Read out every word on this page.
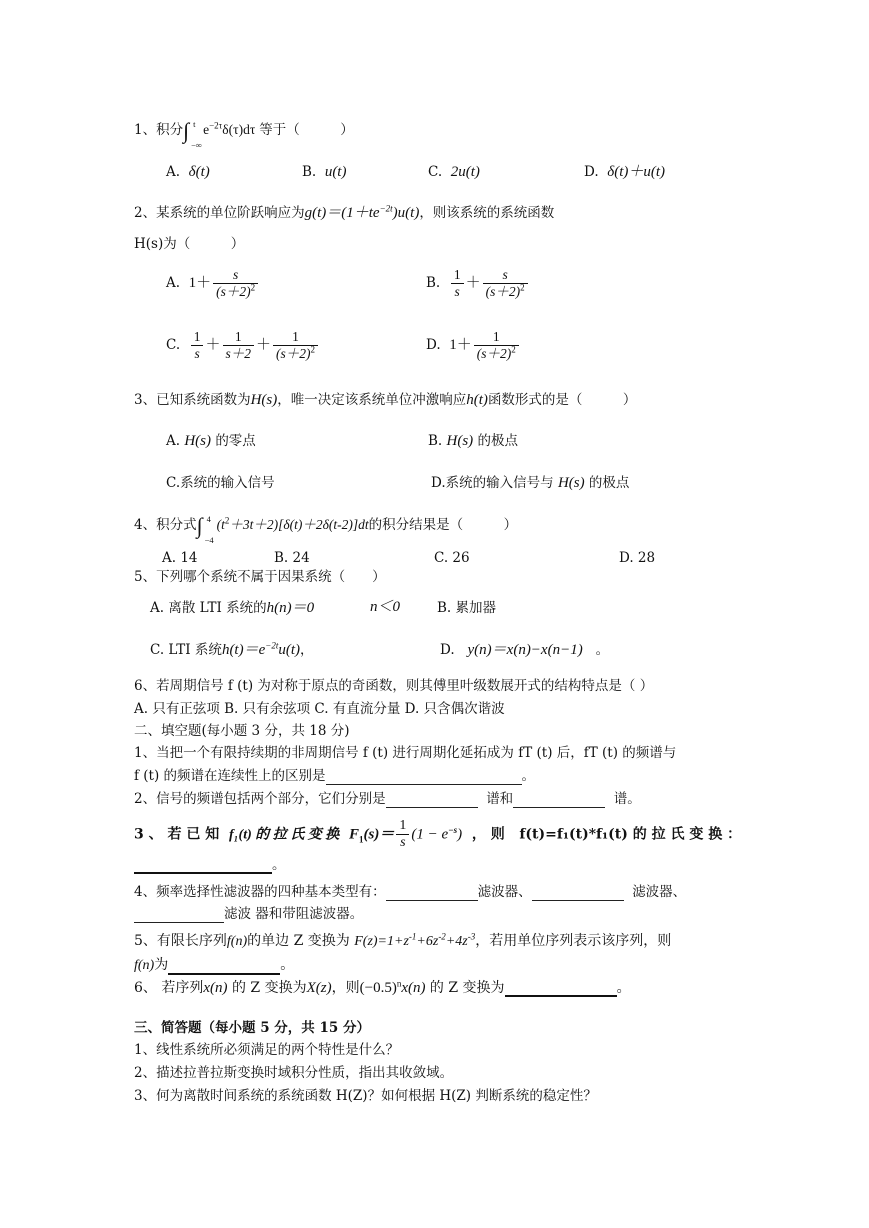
1、积分∫ t
−∞
$e^{-2\tau}\delta(\tau)d\tau$ 等于（　　　）
A. δ(t)	B. u(t)	C. 2u(t)	D. δ(t)＋u(t)
2、某系统的单位阶跃响应为$g(t)=(1+te^{-2t})u(t)$，则该系统的系统函数
H(s)为（　　　）
A. $1+ \frac{s}{(s+2)^2}$	B. $\frac{1}{s} + \frac{s}{(s+2)^2}$
C. $\frac{1}{s} + \frac{1}{s+2} + \frac{1}{(s+2)^2}$	D. $1+ \frac{1}{(s+2)^2}$
3、已知系统函数为H(s)，唯一决定该系统单位冲激响应h(t)函数形式的是（　　　）
A. H(s) 的零点	B. H(s) 的极点
C.系统的输入信号	D.系统的输入信号与 H(s) 的极点
4、积分式∫ 4
−4
$(t^2+3t+2)[\delta(t)+2\delta(t-2)]dt$的积分结果是（　　　）
A. 14	B. 24	C. 26	D. 28
5、下列哪个系统不属于因果系统（　　）
A. 离散 LTI 系统的h(n)＝0	n＜0	B. 累加器
C. LTI 系统$h(t)=e^{-2t}u(t)$，	D. y(n)＝x(n)−x(n−1) 。
6、若周期信号 f (t) 为对称于原点的奇函数，则其傅里叶级数展开式的结构特点是（ ）
A. 只有正弦项 B. 只有余弦项 C. 有直流分量 D. 只含偶次谐波
二、填空题(每小题 3 分，共 18 分)
1、当把一个有限持续期的非周期信号 f (t) 进行周期化延拓成为 fT (t) 后，fT (t) 的频谱与
f (t) 的频谱在连续性上的区别是	。
2、信号的频谱包括两个部分，它们分别是	谱和	谱。
3 、 若 已 知 f₁(t) 的 拉 氏 变 换 $F_1(s)= \frac{1}{s} (1 - e^{-s})$ ， 则 f(t)=f₁(t)*f₁(t) 的 拉 氏 变 换 ：
。
4、频率选择性滤波器的四种基本类型有：	滤波器、	滤波器、
滤波 器和带阻滤波器。
5、有限长序列f(n)的单边 Z 变换为 $F(z)=1+z^{-1}+6z^{-2}+4z^{-3}$，若用单位序列表示该序列，则
f(n)为	。
6、 若序列x(n) 的 Z 变换为X(z)，则$(-0.5)^nx(n)$ 的 Z 变换为	。
三、简答题（每小题 5 分，共 15 分）
1、线性系统所必须满足的两个特性是什么？
2、描述拉普拉斯变换时域积分性质，指出其收敛域。
3、何为离散时间系统的系统函数 H(Z)？如何根据 H(Z) 判断系统的稳定性？
